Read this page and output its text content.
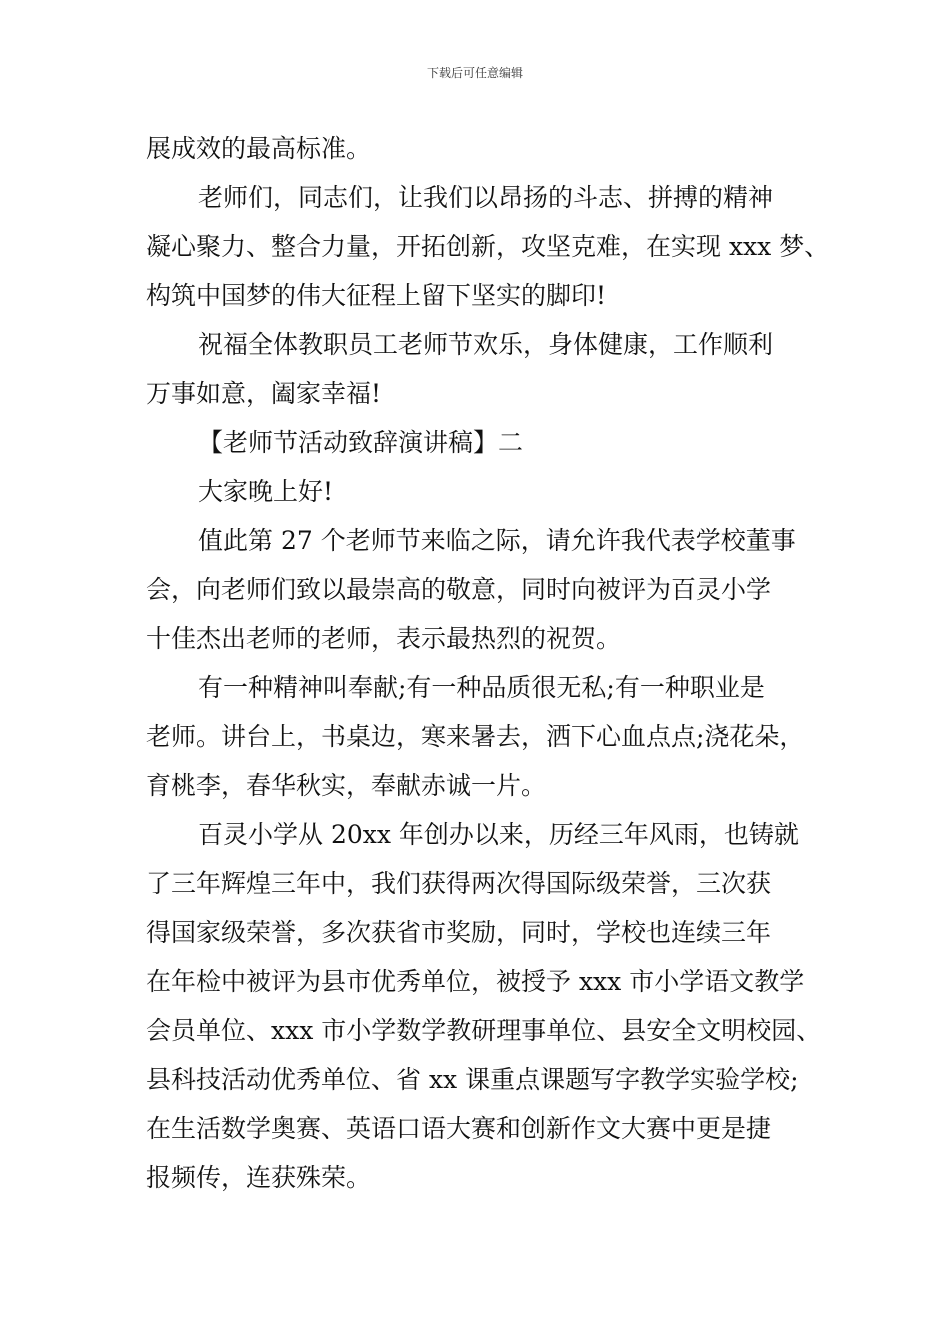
下载后可任意编辑
展成效的最高标准。
老师们，同志们，让我们以昂扬的斗志、拼搏的精神
凝心聚力、整合力量，开拓创新，攻坚克难，在实现 xxx 梦、
构筑中国梦的伟大征程上留下坚实的脚印!
祝福全体教职员工老师节欢乐，身体健康，工作顺利
万事如意，阖家幸福!
【老师节活动致辞演讲稿】二
大家晚上好!
值此第 27 个老师节来临之际，请允许我代表学校董事
会，向老师们致以最崇高的敬意，同时向被评为百灵小学
十佳杰出老师的老师，表示最热烈的祝贺。
有一种精神叫奉献;有一种品质很无私;有一种职业是
老师。讲台上，书桌边，寒来暑去，洒下心血点点;浇花朵，
育桃李，春华秋实，奉献赤诚一片。
百灵小学从 20xx 年创办以来，历经三年风雨，也铸就
了三年辉煌三年中，我们获得两次得国际级荣誉，三次获
得国家级荣誉，多次获省市奖励，同时，学校也连续三年
在年检中被评为县市优秀单位，被授予 xxx 市小学语文教学
会员单位、xxx 市小学数学教研理事单位、县安全文明校园、
县科技活动优秀单位、省 xx 课重点课题写字教学实验学校;
在生活数学奥赛、英语口语大赛和创新作文大赛中更是捷
报频传，连获殊荣。
